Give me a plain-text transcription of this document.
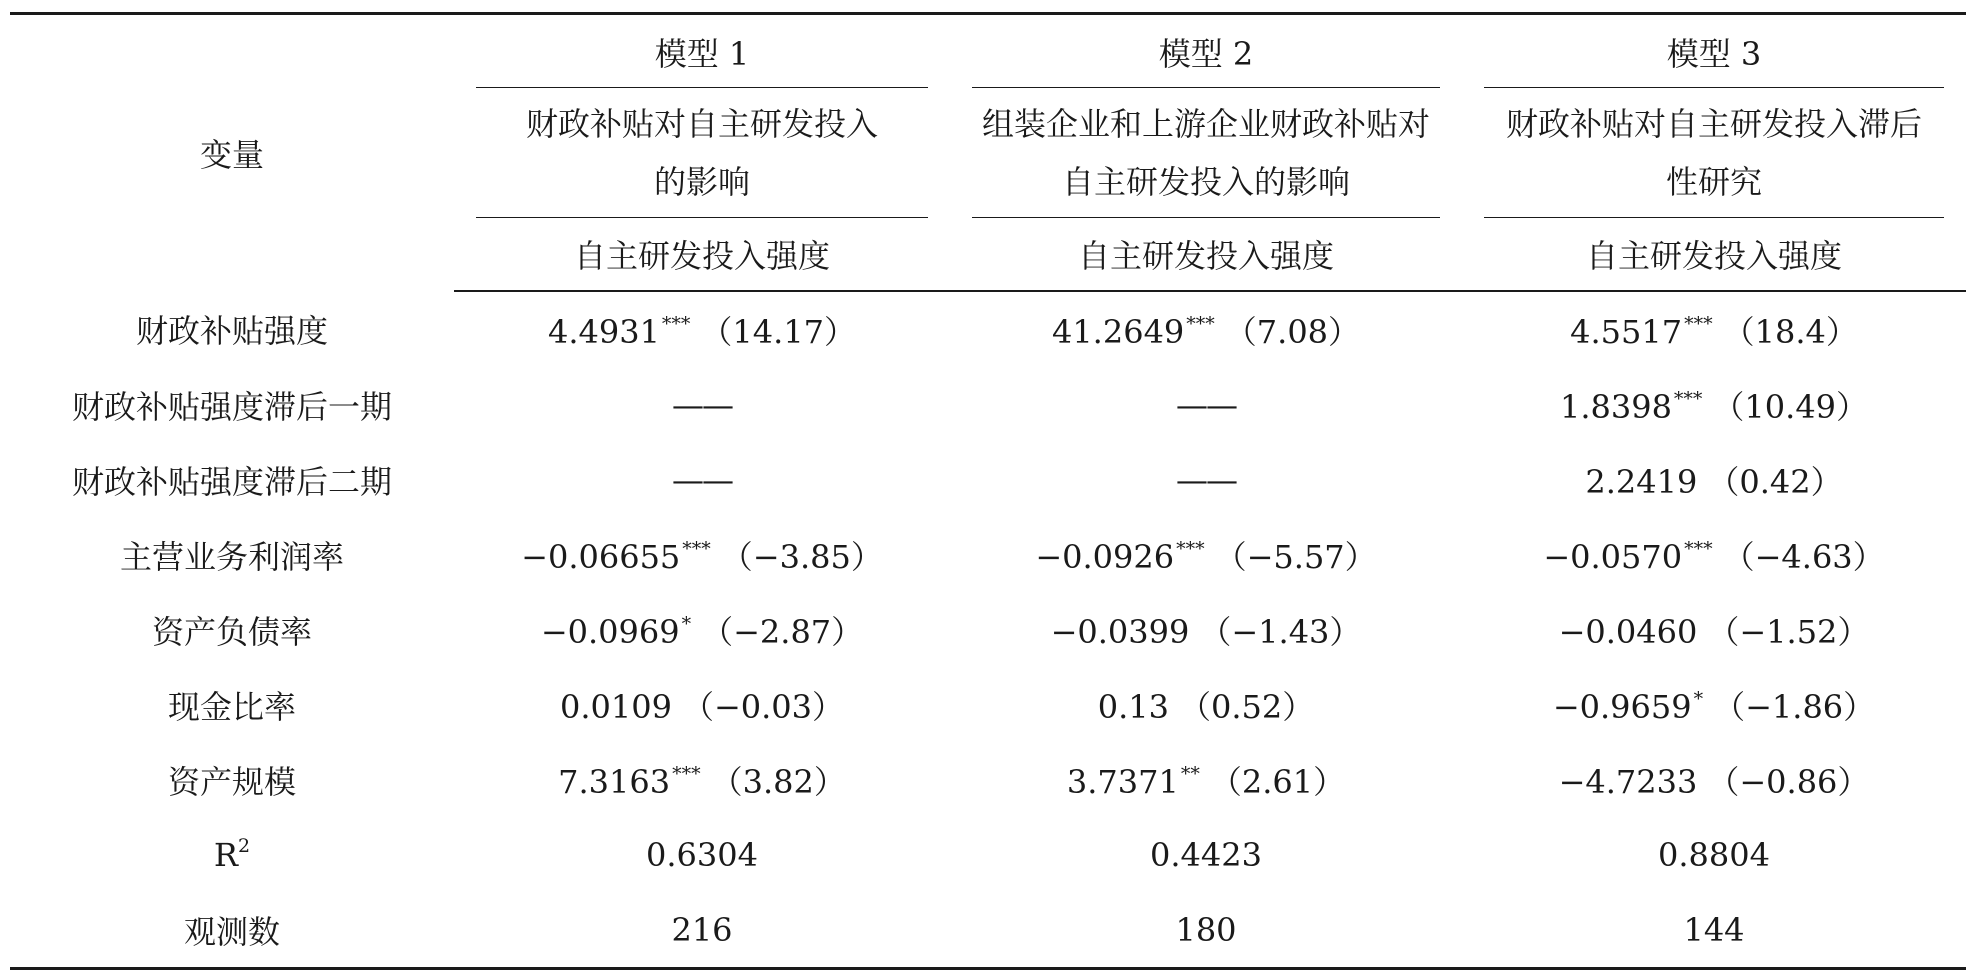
变量	模型 1	模型 2	模型 3
	财政补贴对自主研发投入的影响	组装企业和上游企业财政补贴对自主研发投入的影响	财政补贴对自主研发投入滞后性研究
	自主研发投入强度	自主研发投入强度	自主研发投入强度
财政补贴强度	4.4931 *** （14.17）	41.2649 *** （7.08）	4.5517 *** （18.4）
财政补贴强度滞后一期	——	——	1.8398 *** （10.49）
财政补贴强度滞后二期	——	——	2.2419 （0.42）
主营业务利润率	−0.06655 *** （−3.85）	−0.0926 *** （−5.57）	−0.0570 *** （−4.63）
资产负债率	−0.0969 * （−2.87）	−0.0399 （−1.43）	−0.0460 （−1.52）
现金比率	0.0109 （−0.03）	0.13 （0.52）	−0.9659 * （−1.86）
资产规模	7.3163 *** （3.82）	3.7371 ** （2.61）	−4.7233 （−0.86）
$R^2$	0.6304	0.4423	0.8804
观测数	216	180	144
